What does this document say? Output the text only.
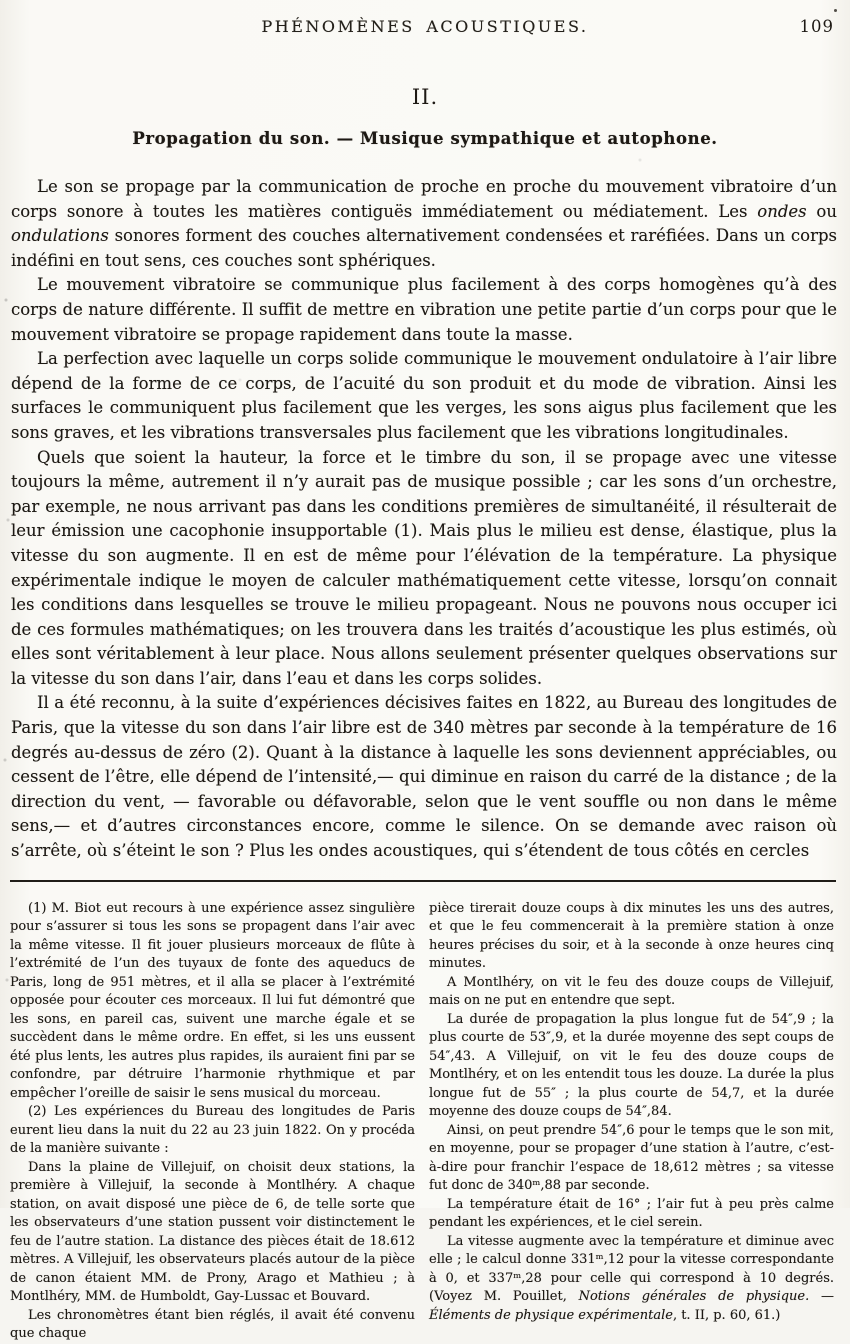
PHÉNOMÈNES ACOUSTIQUES.	109
II.
Propagation du son. — Musique sympathique et autophone.

Le son se propage par la communication de proche en proche du mouvement vibratoire d’un corps sonore à toutes les matières contiguës immédiatement ou médiatement. Les ondes ou ondulations sonores forment des couches alternativement condensées et raréfiées. Dans un corps indéfini en tout sens, ces couches sont sphériques.

Le mouvement vibratoire se communique plus facilement à des corps homogènes qu’à des corps de nature différente. Il suffit de mettre en vibration une petite partie d’un corps pour que le mouvement vibratoire se propage rapidement dans toute la masse.

La perfection avec laquelle un corps solide communique le mouvement ondulatoire à l’air libre dépend de la forme de ce corps, de l’acuité du son produit et du mode de vibration. Ainsi les surfaces le communiquent plus facilement que les verges, les sons aigus plus facilement que les sons graves, et les vibrations transversales plus facilement que les vibrations longitudinales.

Quels que soient la hauteur, la force et le timbre du son, il se propage avec une vitesse toujours la même, autrement il n’y aurait pas de musique possible ; car les sons d’un orchestre, par exemple, ne nous arrivant pas dans les conditions premières de simultanéité, il résulterait de leur émission une cacophonie insupportable (1). Mais plus le milieu est dense, élastique, plus la vitesse du son augmente. Il en est de même pour l’élévation de la température. La physique expérimentale indique le moyen de calculer mathématiquement cette vitesse, lorsqu’on connait les conditions dans lesquelles se trouve le milieu propageant. Nous ne pouvons nous occuper ici de ces formules mathématiques; on les trouvera dans les traités d’acoustique les plus estimés, où elles sont véritablement à leur place. Nous allons seulement présenter quelques observations sur la vitesse du son dans l’air, dans l’eau et dans les corps solides.

Il a été reconnu, à la suite d’expériences décisives faites en 1822, au Bureau des longitudes de Paris, que la vitesse du son dans l’air libre est de 340 mètres par seconde à la température de 16 degrés au-dessus de zéro (2). Quant à la distance à laquelle les sons deviennent appréciables, ou cessent de l’être, elle dépend de l’intensité,— qui diminue en raison du carré de la distance ; de la direction du vent, — favorable ou défavorable, selon que le vent souffle ou non dans le même sens,— et d’autres circonstances encore, comme le silence. On se demande avec raison où s’arrête, où s’éteint le son ? Plus les ondes acoustiques, qui s’étendent de tous côtés en cercles

(1) M. Biot eut recours à une expérience assez singulière pour s’assurer si tous les sons se propagent dans l’air avec la même vitesse. Il fit jouer plusieurs morceaux de flûte à l’extrémité de l’un des tuyaux de fonte des aqueducs de Paris, long de 951 mètres, et il alla se placer à l’extrémité opposée pour écouter ces morceaux. Il lui fut démontré que les sons, en pareil cas, suivent une marche égale et se succèdent dans le même ordre. En effet, si les uns eussent été plus lents, les autres plus rapides, ils auraient fini par se confondre, par détruire l’harmonie rhythmique et par empêcher l’oreille de saisir le sens musical du morceau.

(2) Les expériences du Bureau des longitudes de Paris eurent lieu dans la nuit du 22 au 23 juin 1822. On y procéda de la manière suivante :

Dans la plaine de Villejuif, on choisit deux stations, la première à Villejuif, la seconde à Montlhéry. A chaque station, on avait disposé une pièce de 6, de telle sorte que les observateurs d’une station pussent voir distinctement le feu de l’autre station. La distance des pièces était de 18.612 mètres. A Villejuif, les observateurs placés autour de la pièce de canon étaient MM. de Prony, Arago et Mathieu ; à Montlhéry, MM. de Humboldt, Gay-Lussac et Bouvard.

Les chronomètres étant bien réglés, il avait été convenu que chaque

pièce tirerait douze coups à dix minutes les uns des autres, et que le feu commencerait à la première station à onze heures précises du soir, et à la seconde à onze heures cinq minutes.

A Montlhéry, on vit le feu des douze coups de Villejuif, mais on ne put en entendre que sept.

La durée de propagation la plus longue fut de 54″,9 ; la plus courte de 53″,9, et la durée moyenne des sept coups de 54″,43. A Villejuif, on vit le feu des douze coups de Montlhéry, et on les entendit tous les douze. La durée la plus longue fut de 55″ ; la plus courte de 54,7, et la durée moyenne des douze coups de 54″,84.

Ainsi, on peut prendre 54″,6 pour le temps que le son mit, en moyenne, pour se propager d’une station à l’autre, c’est-à-dire pour franchir l’espace de 18,612 mètres ; sa vitesse fut donc de 340ᵐ,88 par seconde.

La température était de 16° ; l’air fut à peu près calme pendant les expériences, et le ciel serein.

La vitesse augmente avec la température et diminue avec elle ; le calcul donne 331ᵐ,12 pour la vitesse correspondante à 0, et 337ᵐ,28 pour celle qui correspond à 10 degrés. (Voyez M. Pouillet, Notions générales de physique. — Éléments de physique expérimentale, t. II, p. 60, 61.)
